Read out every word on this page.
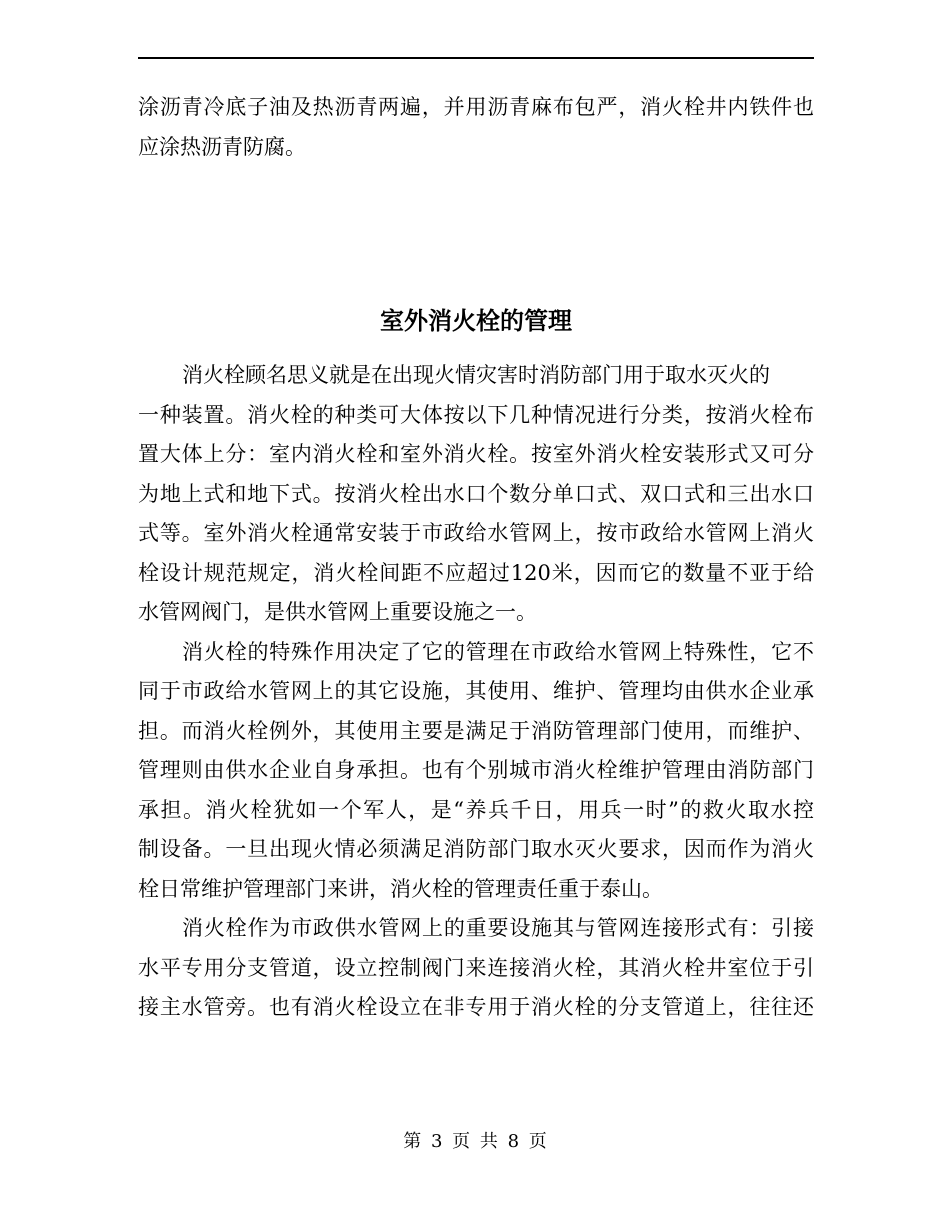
涂沥青冷底子油及热沥青两遍，并用沥青麻布包严，消火栓井内铁件也
应涂热沥青防腐。
室外消火栓的管理
消火栓顾名思义就是在出现火情灾害时消防部门用于取水灭火的
一种装置。消火栓的种类可大体按以下几种情况进行分类，按消火栓布
置大体上分：室内消火栓和室外消火栓。按室外消火栓安装形式又可分
为地上式和地下式。按消火栓出水口个数分单口式、双口式和三出水口
式等。室外消火栓通常安装于市政给水管网上，按市政给水管网上消火
栓设计规范规定，消火栓间距不应超过120米，因而它的数量不亚于给
水管网阀门，是供水管网上重要设施之一。
消火栓的特殊作用决定了它的管理在市政给水管网上特殊性，它不
同于市政给水管网上的其它设施，其使用、维护、管理均由供水企业承
担。而消火栓例外，其使用主要是满足于消防管理部门使用，而维护、
管理则由供水企业自身承担。也有个别城市消火栓维护管理由消防部门
承担。消火栓犹如一个军人，是“养兵千日，用兵一时”的救火取水控
制设备。一旦出现火情必须满足消防部门取水灭火要求，因而作为消火
栓日常维护管理部门来讲，消火栓的管理责任重于泰山。
消火栓作为市政供水管网上的重要设施其与管网连接形式有：引接
水平专用分支管道，设立控制阀门来连接消火栓，其消火栓井室位于引
接主水管旁。也有消火栓设立在非专用于消火栓的分支管道上，往往还
第 3 页 共 8 页
